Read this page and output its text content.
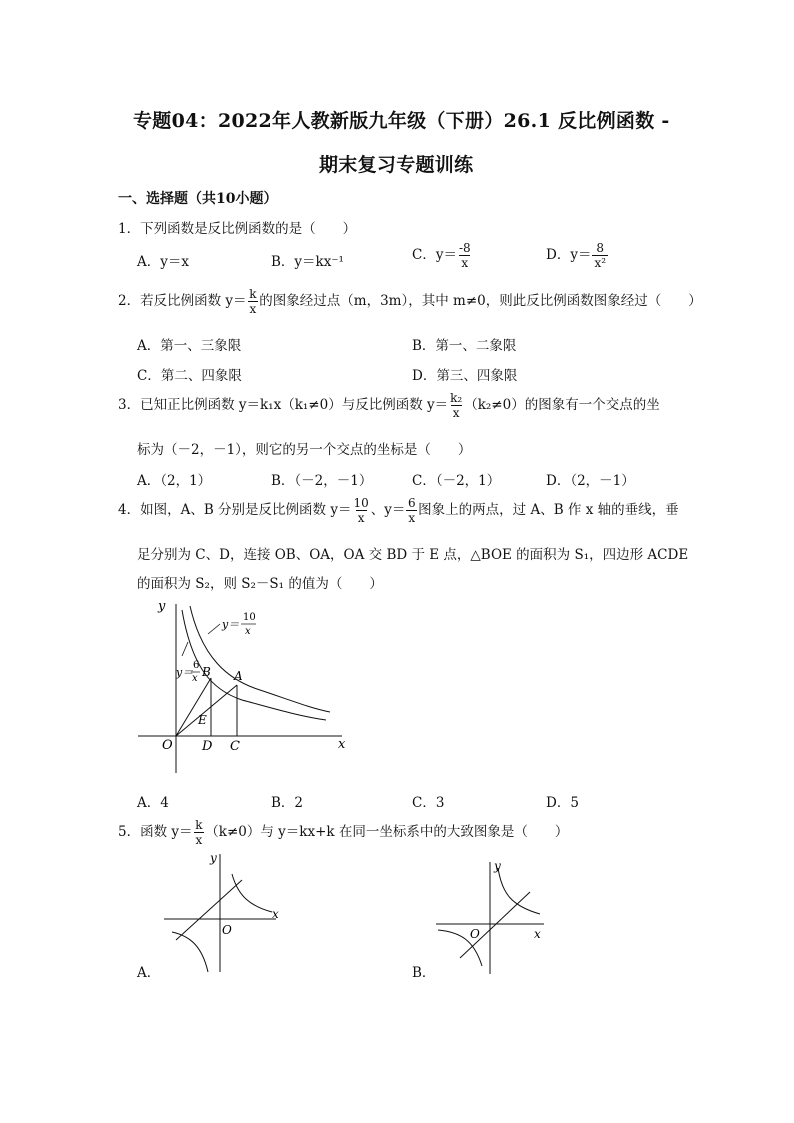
专题04：2022年人教新版九年级（下册）26.1 反比例函数 -
期末复习专题训练
一、选择题（共10小题）
1．下列函数是反比例函数的是（　　）
A．y＝x	B．y＝kx⁻¹	C．$y= \frac{-8}{x}$	D．$y= \frac{8}{\text{x²}}$
2．若反比例函数 $y= \frac{k}{x}$ 的图象经过点（m，3m），其中 m≠0，则此反比例函数图象经过（　　）
A．第一、三象限	B．第一、二象限
C．第二、四象限	D．第三、四象限
3．已知正比例函数 y＝k₁x（k₁≠0）与反比例函数 $y= \frac{\text{k₂}}{x} (k_2\ne 0)$的图象有一个交点的坐
标为（－2，－1），则它的另一个交点的坐标是（　　）
A．（2，1）	B．（－2，－1）	C．（－2，1）	D．（2，－1）
4．如图，A、B 分别是反比例函数 $y= \frac{10}{x}$ 、$y= \frac{6}{x}$ 图象上的两点，过 A、B 作 x 轴的垂线，垂
足分别为 C、D，连接 OB、OA，OA 交 BD 于 E 点，△BOE 的面积为 S₁，四边形 ACDE
的面积为 S₂，则 S₂－S₁ 的值为（　　）
y
x
O D C
E
B A
y＝
10
x
y＝
6
x
A．4	B．2	C．3	D．5
5．函数 $y= \frac{k}{x} (k\ne 0)$与 y＝kx+k 在同一坐标系中的大致图象是（　　）
y
x
O
A．
y
x
O
B．
